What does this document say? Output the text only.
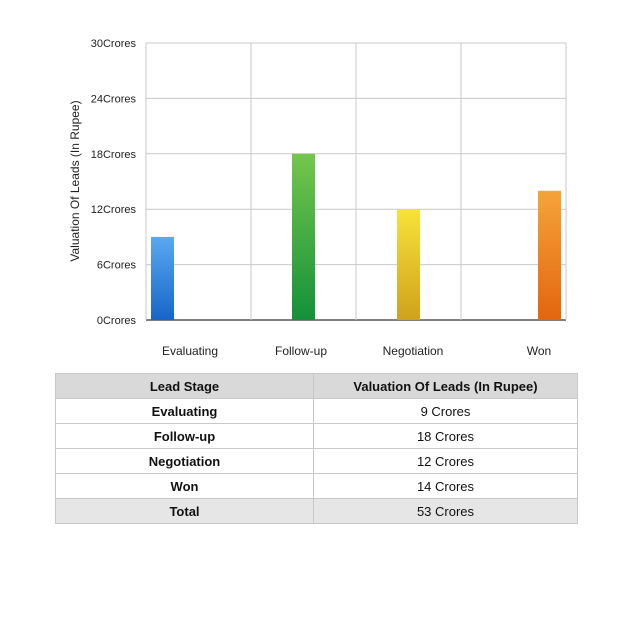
0Crores
6Crores
12Crores
18Crores
24Crores
30Crores
Evaluating	Follow-up	Negotiation	Won
Valuation Of Leads (In Rupee)
Lead Stage	Valuation Of Leads (In Rupee)
Evaluating	9 Crores
Follow-up	18 Crores
Negotiation	12 Crores
Won	14 Crores
Total	53 Crores
